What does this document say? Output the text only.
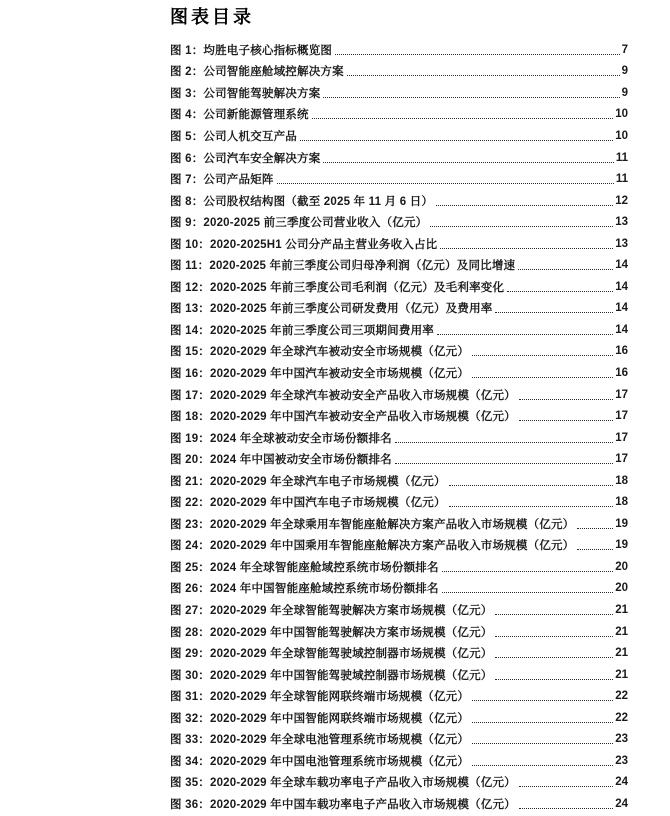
图表目录
图 1：均胜电子核心指标概览图	7
图 2：公司智能座舱域控解决方案	9
图 3：公司智能驾驶解决方案	9
图 4：公司新能源管理系统	10
图 5：公司人机交互产品	10
图 6：公司汽车安全解决方案	11
图 7：公司产品矩阵	11
图 8：公司股权结构图（截至 2025 年 11 月 6 日）	12
图 9：2020-2025 前三季度公司营业收入（亿元）	13
图 10：2020-2025H1 公司分产品主营业务收入占比	13
图 11：2020-2025 年前三季度公司归母净利润（亿元）及同比增速	14
图 12：2020-2025 年前三季度公司毛利润（亿元）及毛利率变化	14
图 13：2020-2025 年前三季度公司研发费用（亿元）及费用率	14
图 14：2020-2025 年前三季度公司三项期间费用率	14
图 15：2020-2029 年全球汽车被动安全市场规模（亿元）	16
图 16：2020-2029 年中国汽车被动安全市场规模（亿元）	16
图 17：2020-2029 年全球汽车被动安全产品收入市场规模（亿元）	17
图 18：2020-2029 年中国汽车被动安全产品收入市场规模（亿元）	17
图 19：2024 年全球被动安全市场份额排名	17
图 20：2024 年中国被动安全市场份额排名	17
图 21：2020-2029 年全球汽车电子市场规模（亿元）	18
图 22：2020-2029 年中国汽车电子市场规模（亿元）	18
图 23：2020-2029 年全球乘用车智能座舱解决方案产品收入市场规模（亿元）	19
图 24：2020-2029 年中国乘用车智能座舱解决方案产品收入市场规模（亿元）	19
图 25：2024 年全球智能座舱域控系统市场份额排名	20
图 26：2024 年中国智能座舱域控系统市场份额排名	20
图 27：2020-2029 年全球智能驾驶解决方案市场规模（亿元）	21
图 28：2020-2029 年中国智能驾驶解决方案市场规模（亿元）	21
图 29：2020-2029 年全球智能驾驶域控制器市场规模（亿元）	21
图 30：2020-2029 年中国智能驾驶域控制器市场规模（亿元）	21
图 31：2020-2029 年全球智能网联终端市场规模（亿元）	22
图 32：2020-2029 年中国智能网联终端市场规模（亿元）	22
图 33：2020-2029 年全球电池管理系统市场规模（亿元）	23
图 34：2020-2029 年中国电池管理系统市场规模（亿元）	23
图 35：2020-2029 年全球车载功率电子产品收入市场规模（亿元）	24
图 36：2020-2029 年中国车载功率电子产品收入市场规模（亿元）	24
